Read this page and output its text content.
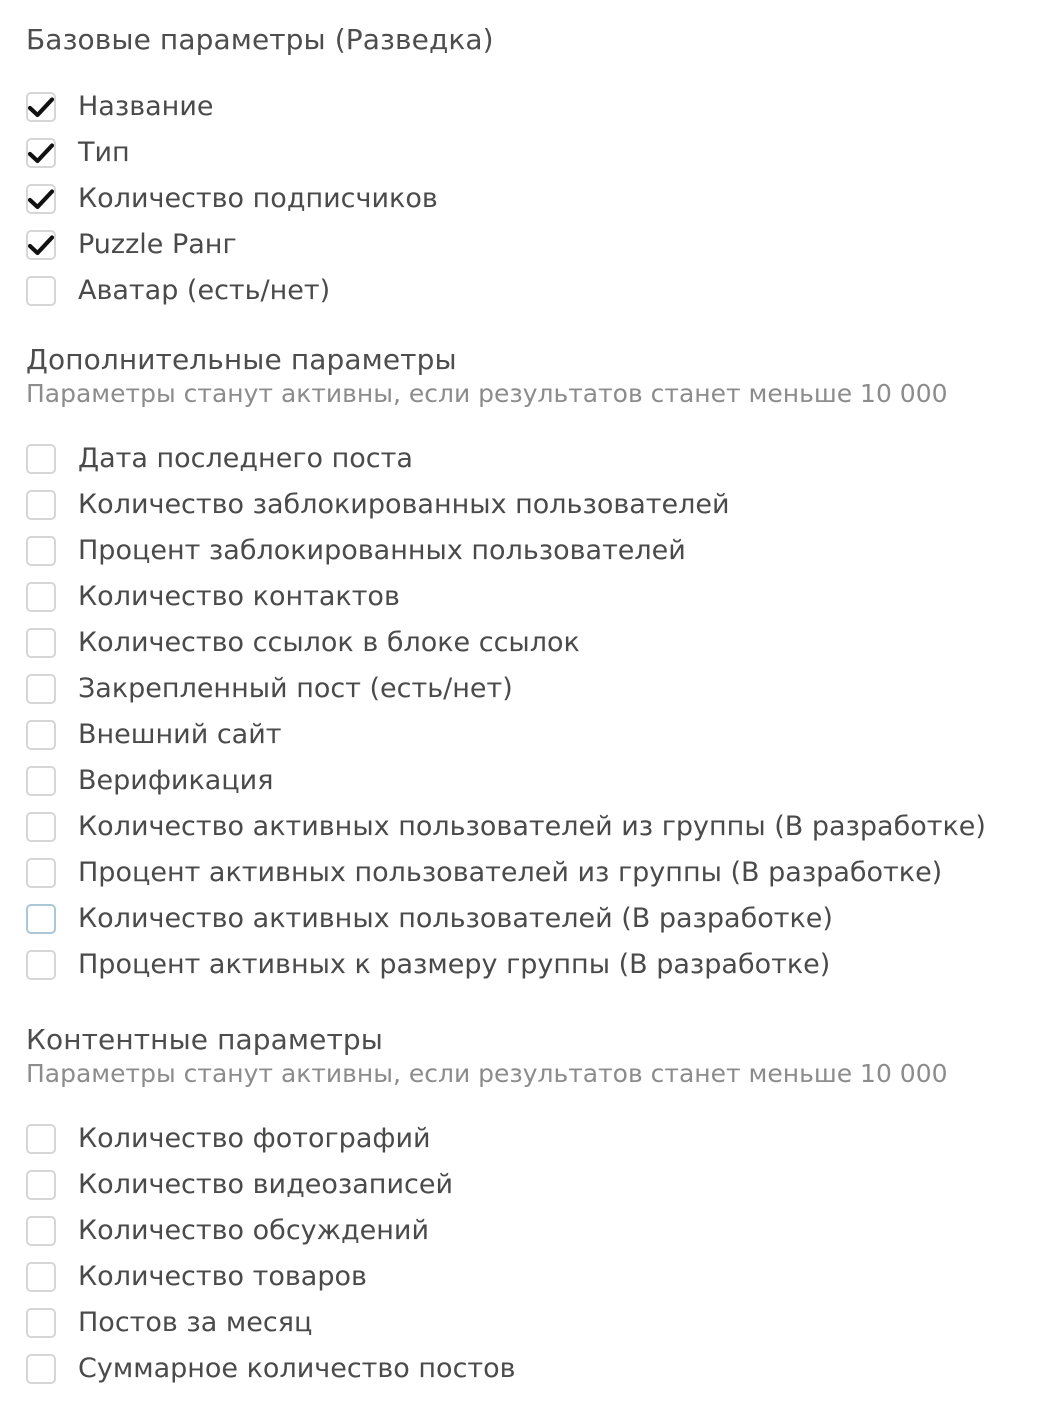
Базовые параметры (Разведка)
Название
Тип
Количество подписчиков
Puzzle Ранг
Аватар (есть/нет)
Дополнительные параметры

Параметры станут активны, если результатов станет меньше 10 000

Дата последнего поста
Количество заблокированных пользователей
Процент заблокированных пользователей
Количество контактов
Количество ссылок в блоке ссылок
Закрепленный пост (есть/нет)
Внешний сайт
Верификация
Количество активных пользователей из группы (В разработке)
Процент активных пользователей из группы (В разработке)
Количество активных пользователей (В разработке)
Процент активных к размеру группы (В разработке)
Контентные параметры

Параметры станут активны, если результатов станет меньше 10 000

Количество фотографий
Количество видеозаписей
Количество обсуждений
Количество товаров
Постов за месяц
Суммарное количество постов
